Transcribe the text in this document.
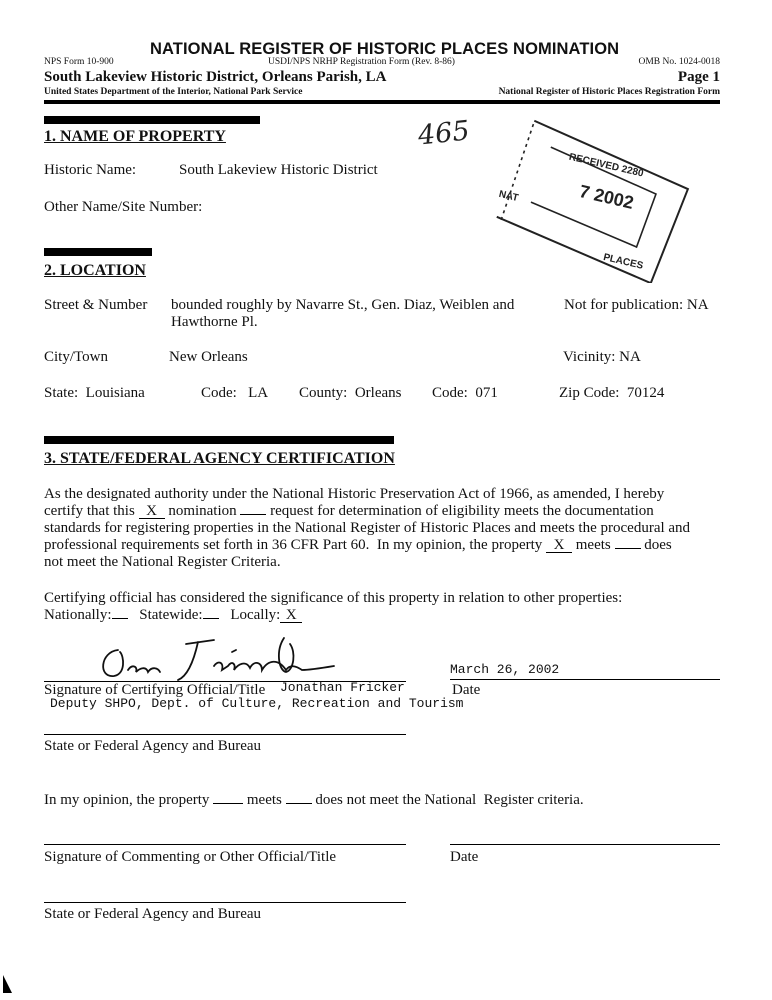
NATIONAL REGISTER OF HISTORIC PLACES NOMINATION
NPS Form 10-900	USDI/NPS NRHP Registration Form (Rev. 8-86)	OMB No. 1024-0018
South Lakeview Historic District, Orleans Parish, LA	Page 1
United States Department of the Interior, National Park Service	National Register of Historic Places Registration Form
465
RECEIVED 2280
7 2002
NAT
PLACES
1. NAME OF PROPERTY
Historic Name:	South Lakeview Historic District
Other Name/Site Number:
2. LOCATION
Street & Number bounded roughly by Navarre St., Gen. Diaz, Weiblen and
Hawthorne Pl.
Not for publication: NA
City/Town	New Orleans	Vicinity: NA
State:  Louisiana	Code:   LA County:  Orleans Code:  071	Zip Code:  70124
3. STATE/FEDERAL AGENCY CERTIFICATION
As the designated authority under the National Historic Preservation Act of 1966, as amended, I hereby
certify that this X nomination  request for determination of eligibility meets the documentation
standards for registering properties in the National Register of Historic Places and meets the procedural and
professional requirements set forth in 36 CFR Part 60.  In my opinion, the property X meets  does
not meet the National Register Criteria.
Certifying official has considered the significance of this property in relation to other properties:
Nationally: Statewide: Locally: X
March 26, 2002
Signature of Certifying Official/Title Jonathan Fricker	Date
Deputy SHPO, Dept. of Culture, Recreation and Tourism
State or Federal Agency and Bureau
In my opinion, the property  meets  does not meet the National  Register criteria.
Signature of Commenting or Other Official/Title	Date
State or Federal Agency and Bureau
